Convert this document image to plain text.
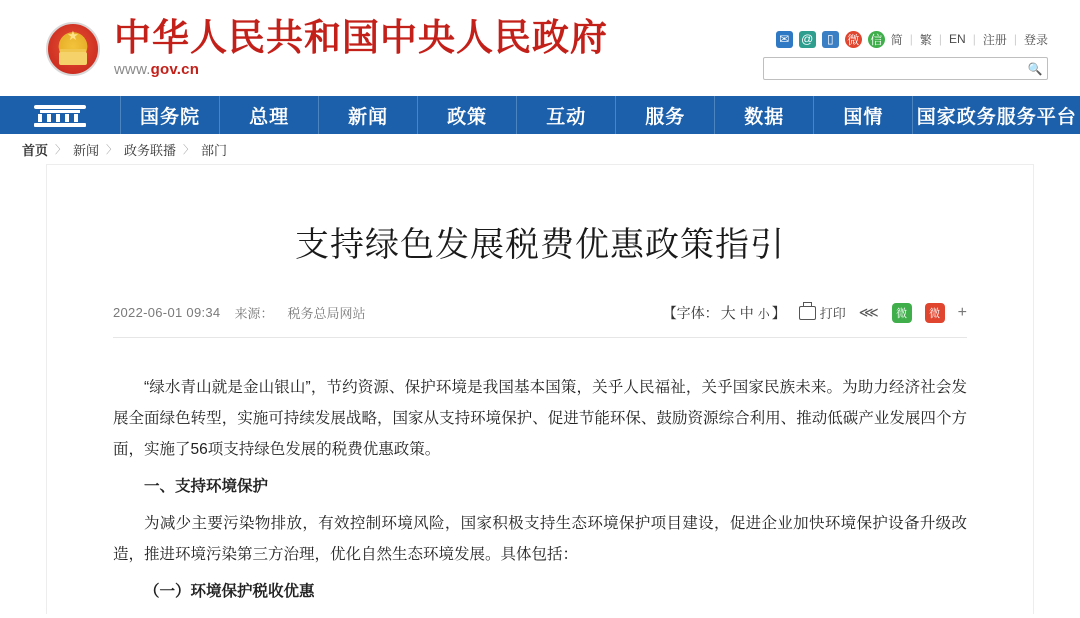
★
中华人民共和国中央人民政府
www.gov.cn
✉ @	▯	微 信 简 | 繁 | EN | 注册 | 登录
🔍
国务院	总理	新闻	政策	互动	服务	数据	国情	国家政务服务平台
首页 〉 新闻 〉 政务联播 〉 部门
支持绿色发展税费优惠政策指引
2022-06-01 09:34 来源： 税务总局网站	【字体： 大 中 小 】	打印 ⋘	微	微 +

“绿水青山就是金山银山”，节约资源、保护环境是我国基本国策，关乎人民福祉，关乎国家民族未来。为助力经济社会发展全面绿色转型，实施可持续发展战略，国家从支持环境保护、促进节能环保、鼓励资源综合利用、推动低碳产业发展四个方面，实施了56项支持绿色发展的税费优惠政策。

一、支持环境保护

为减少主要污染物排放，有效控制环境风险，国家积极支持生态环境保护项目建设，促进企业加快环境保护设备升级改造，推进环境污染第三方治理，优化自然生态环境发展。具体包括：

（一）环境保护税收优惠
